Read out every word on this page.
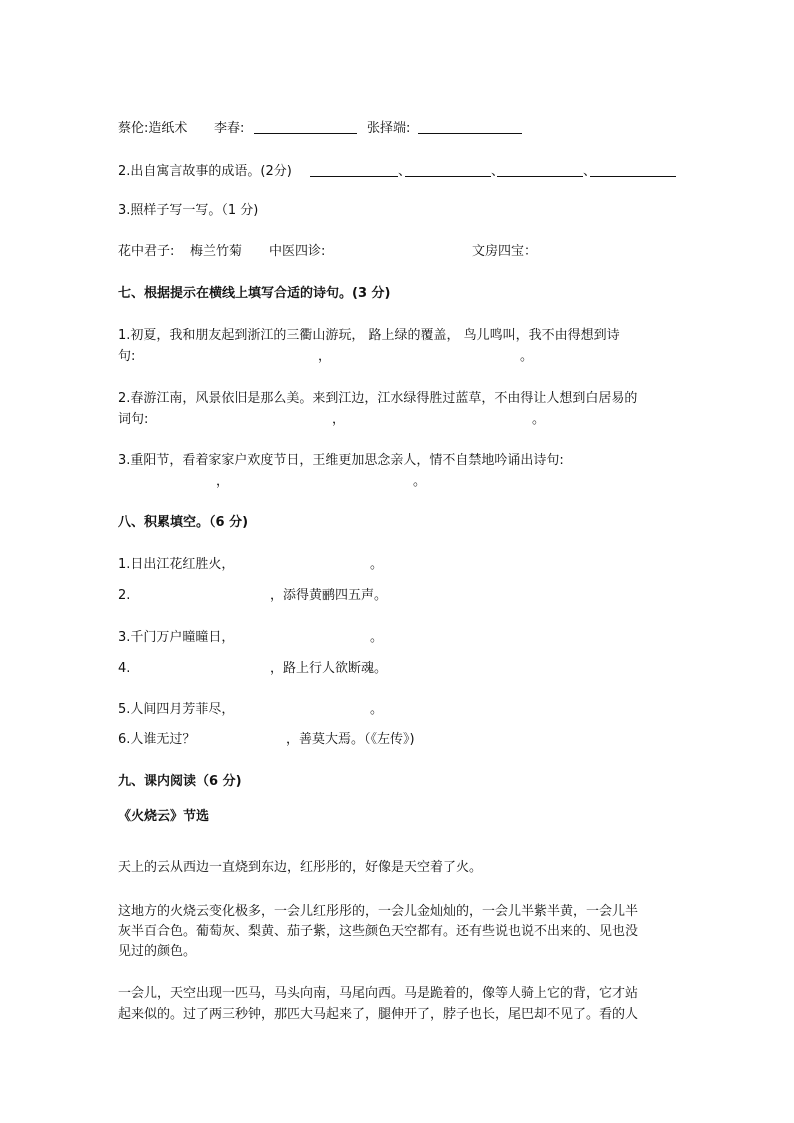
蔡伦:造纸术 李春:	张择端:
2.出自寓言故事的成语。(2分)	、	、	、
3.照样子写一写。（1 分)
花中君子: 梅兰竹菊 中医四诊:	文房四宝：
七、根据提示在横线上填写合适的诗句。(3 分)
1.初夏，我和朋友起到浙江的三衢山游玩， 路上绿的覆盖， 鸟儿鸣叫，我不由得想到诗
句:	，	。
2.春游江南，风景依旧是那么美。来到江边，江水绿得胜过蓝草，不由得让人想到白居易的
词句:	，	。
3.重阳节，看着家家户欢度节日，王维更加思念亲人，情不自禁地吟诵出诗句:
，	。
八、积累填空。（6 分)
1.日出江花红胜火，	。
2.	，添得黄鹂四五声。
3.千门万户曈曈日，	。
4.	，路上行人欲断魂。
5.人间四月芳菲尽，	。
6.人谁无过？	，善莫大焉。（《左传》)
九、课内阅读（6 分)
《火烧云》节选
天上的云从西边一直烧到东边，红彤彤的，好像是天空着了火。
这地方的火烧云变化极多，一会儿红彤彤的，一会儿金灿灿的，一会儿半紫半黄，一会儿半
灰半百合色。葡萄灰、梨黄、茄子紫，这些颜色天空都有。还有些说也说不出来的、见也没
见过的颜色。
一会儿，天空出现一匹马，马头向南，马尾向西。马是跪着的，像等人骑上它的背，它才站
起来似的。过了两三秒钟，那匹大马起来了，腿伸开了，脖子也长，尾巴却不见了。看的人
